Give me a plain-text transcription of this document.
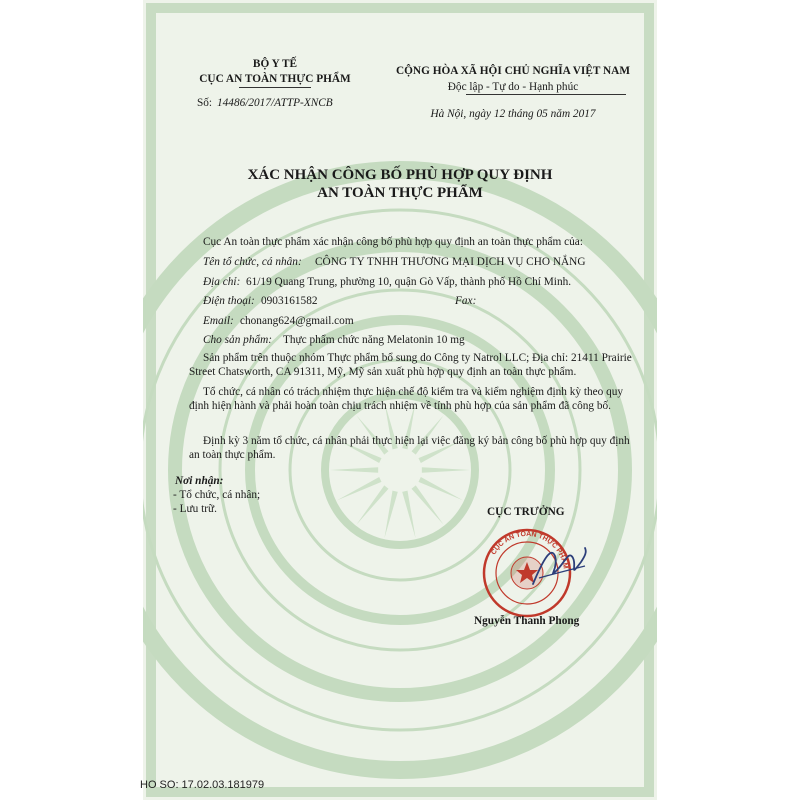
BỘ Y TẾ
CỤC AN TOÀN THỰC PHẨM
Số: 14486/2017/ATTP-XNCB
CỘNG HÒA XÃ HỘI CHỦ NGHĨA VIỆT NAM
Độc lập - Tự do - Hạnh phúc
Hà Nội, ngày 12 tháng 05 năm 2017
XÁC NHẬN CÔNG BỐ PHÙ HỢP QUY ĐỊNH
AN TOÀN THỰC PHẨM
Cục An toàn thực phẩm xác nhận công bố phù hợp quy định an toàn thực phẩm của:
Tên tổ chức, cá nhân: CÔNG TY TNHH THƯƠNG MẠI DỊCH VỤ CHO NẮNG
Địa chỉ: 61/19 Quang Trung, phường 10, quận Gò Vấp, thành phố Hồ Chí Minh.
Điện thoại: 0903161582	Fax:
Email: chonang624@gmail.com
Cho sản phẩm: Thực phẩm chức năng Melatonin 10 mg
Sản phẩm trên thuộc nhóm Thực phẩm bổ sung do Công ty Natrol LLC; Địa chỉ: 21411 Prairie Street Chatsworth, CA 91311, Mỹ, Mỹ sản xuất phù hợp quy định an toàn thực phẩm.
Tổ chức, cá nhân có trách nhiệm thực hiện chế độ kiểm tra và kiểm nghiệm định kỳ theo quy định hiện hành và phải hoàn toàn chịu trách nhiệm về tính phù hợp của sản phẩm đã công bố.
Định kỳ 3 năm tổ chức, cá nhân phải thực hiện lại việc đăng ký bản công bố phù hợp quy định an toàn thực phẩm.
Nơi nhận:
- Tổ chức, cá nhân;
- Lưu trữ.	CỤC TRƯỞNG
CỤC AN TOÀN THỰC PHẨM
Nguyễn Thanh Phong
HO SO: 17.02.03.181979
